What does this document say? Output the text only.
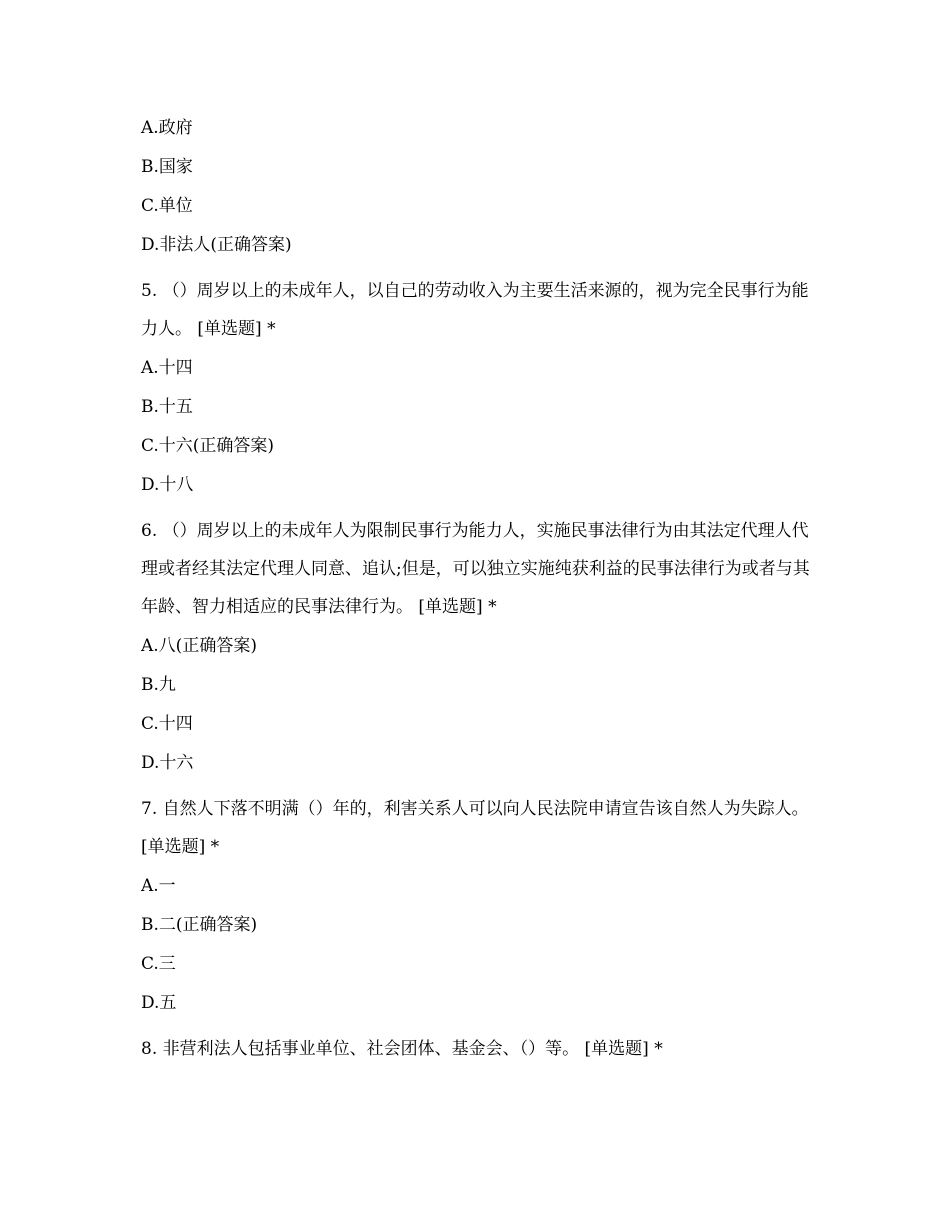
A.政府
B.国家
C.单位
D.非法人(正确答案)
5. （）周岁以上的未成年人，以自己的劳动收入为主要生活来源的，视为完全民事行为能力人。 [单选题] *
A.十四
B.十五
C.十六(正确答案)
D.十八
6. （）周岁以上的未成年人为限制民事行为能力人，实施民事法律行为由其法定代理人代理或者经其法定代理人同意、追认;但是，可以独立实施纯获利益的民事法律行为或者与其年龄、智力相适应的民事法律行为。 [单选题] *
A.八(正确答案)
B.九
C.十四
D.十六
7. 自然人下落不明满（）年的，利害关系人可以向人民法院申请宣告该自然人为失踪人。 [单选题] *
A.一
B.二(正确答案)
C.三
D.五
8. 非营利法人包括事业单位、社会团体、基金会、（）等。 [单选题] *
